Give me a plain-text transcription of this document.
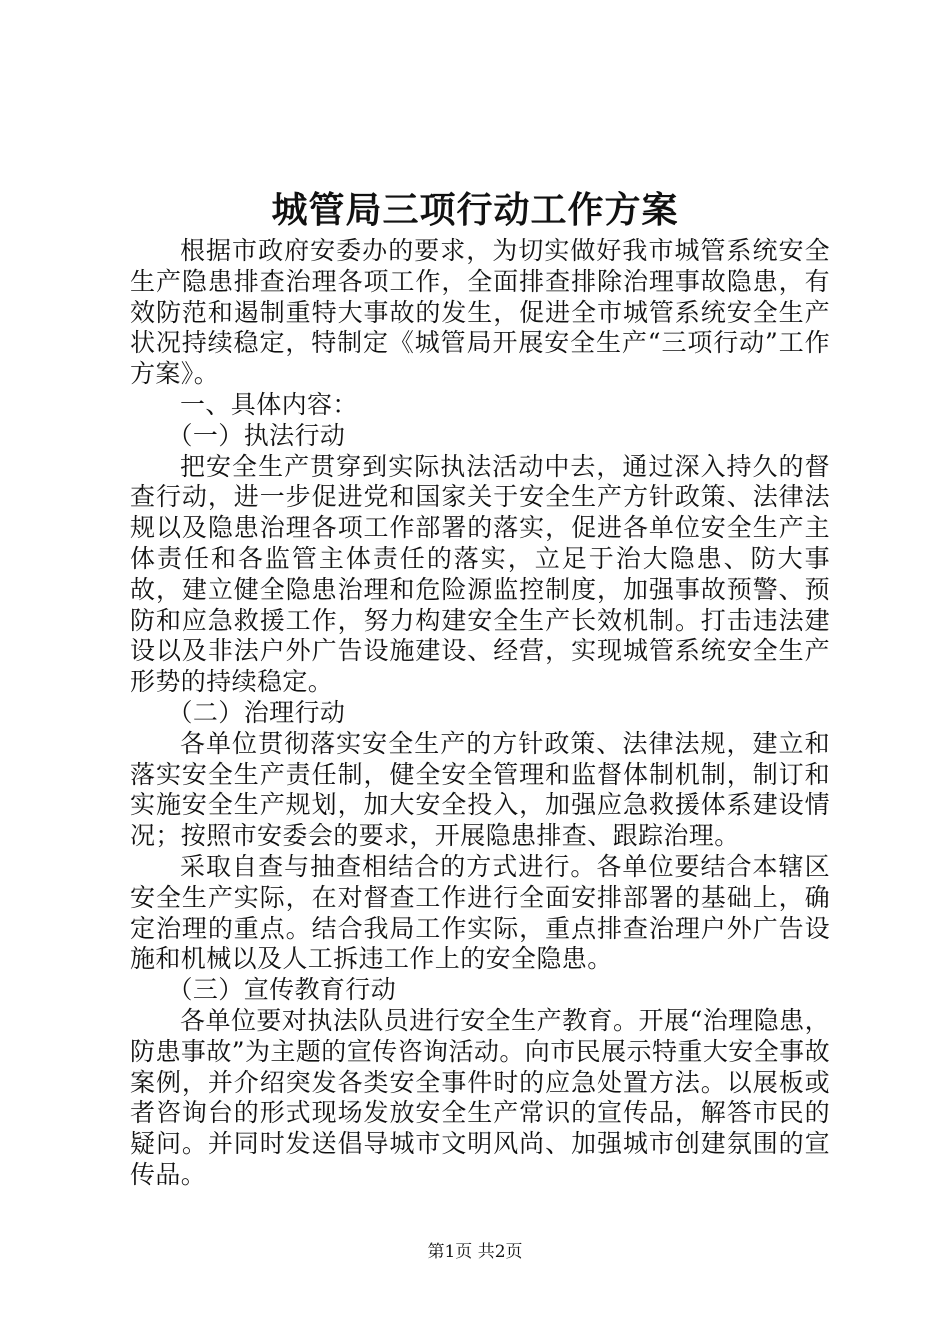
城管局三项行动工作方案

根据市政府安委办的要求，为切实做好我市城管系统安全生产隐患排查治理各项工作，全面排查排除治理事故隐患，有效防范和遏制重特大事故的发生，促进全市城管系统安全生产状况持续稳定，特制定《城管局开展安全生产“三项行动”工作方案》。

一、具体内容：

（一）执法行动

把安全生产贯穿到实际执法活动中去，通过深入持久的督查行动，进一步促进党和国家关于安全生产方针政策、法律法规以及隐患治理各项工作部署的落实，促进各单位安全生产主体责任和各监管主体责任的落实，立足于治大隐患、防大事故，建立健全隐患治理和危险源监控制度，加强事故预警、预防和应急救援工作，努力构建安全生产长效机制。打击违法建设以及非法户外广告设施建设、经营，实现城管系统安全生产形势的持续稳定。

（二）治理行动

各单位贯彻落实安全生产的方针政策、法律法规，建立和落实安全生产责任制，健全安全管理和监督体制机制，制订和实施安全生产规划，加大安全投入，加强应急救援体系建设情况；按照市安委会的要求，开展隐患排查、跟踪治理。

采取自查与抽查相结合的方式进行。各单位要结合本辖区安全生产实际，在对督查工作进行全面安排部署的基础上，确定治理的重点。结合我局工作实际，重点排查治理户外广告设施和机械以及人工拆违工作上的安全隐患。

（三）宣传教育行动

各单位要对执法队员进行安全生产教育。开展“治理隐患，防患事故”为主题的宣传咨询活动。向市民展示特重大安全事故案例，并介绍突发各类安全事件时的应急处置方法。以展板或者咨询台的形式现场发放安全生产常识的宣传品，解答市民的疑问。并同时发送倡导城市文明风尚、加强城市创建氛围的宣传品。

第1页 共2页
